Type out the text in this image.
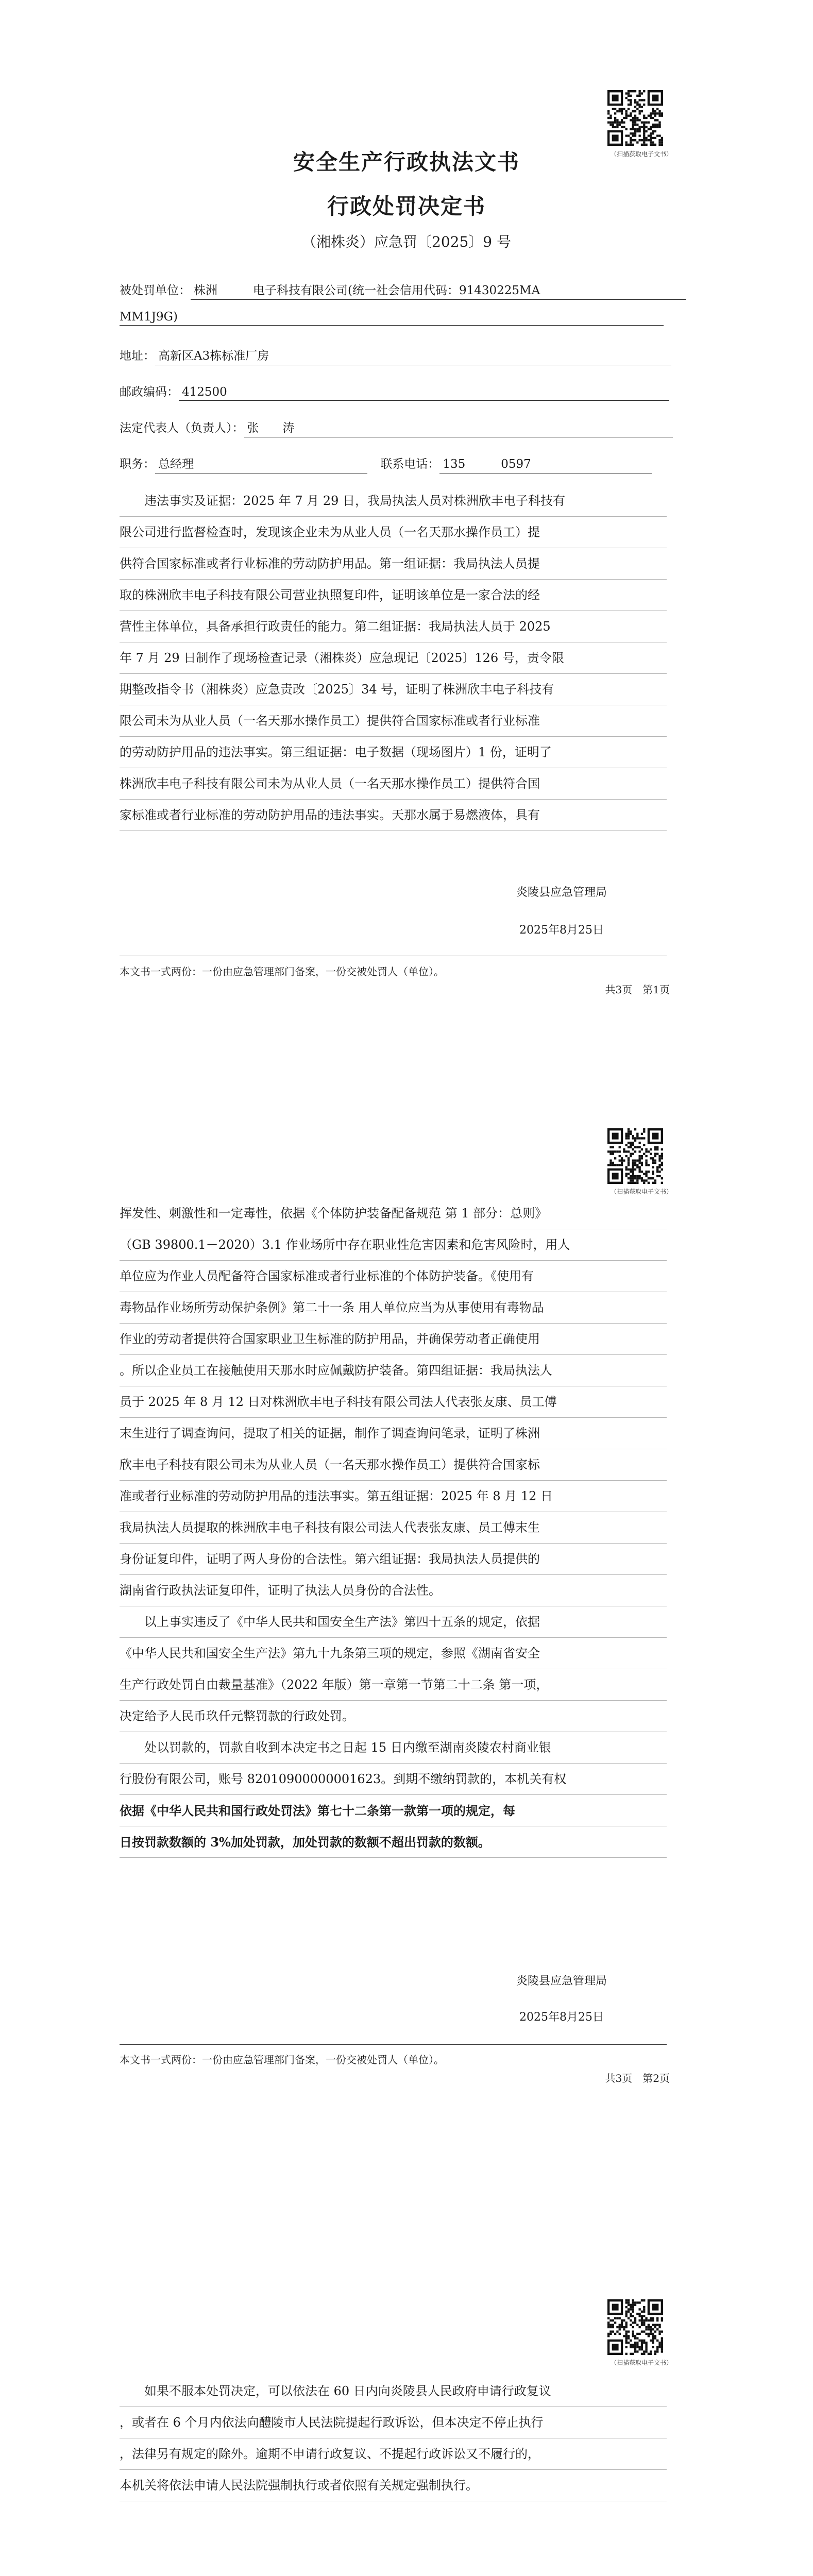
（扫描获取电子文书）
安全生产行政执法文书
行政处罚决定书
（湘株炎）应急罚〔2025〕9 号
被处罚单位： 株洲　　　电子科技有限公司(统一社会信用代码：91430225MA
MM1J9G)
地址： 高新区A3栋标准厂房
邮政编码： 412500
法定代表人（负责人）： 张　　涛
职务： 总经理	联系电话： 135　　　0597
违法事实及证据：2025 年 7 月 29 日，我局执法人员对株洲欣丰电子科技有
限公司进行监督检查时，发现该企业未为从业人员（一名天那水操作员工）提
供符合国家标准或者行业标准的劳动防护用品。第一组证据：我局执法人员提
取的株洲欣丰电子科技有限公司营业执照复印件，证明该单位是一家合法的经
营性主体单位，具备承担行政责任的能力。第二组证据：我局执法人员于 2025
年 7 月 29 日制作了现场检查记录（湘株炎）应急现记〔2025〕126 号，责令限
期整改指令书（湘株炎）应急责改〔2025〕34 号，证明了株洲欣丰电子科技有
限公司未为从业人员（一名天那水操作员工）提供符合国家标准或者行业标准
的劳动防护用品的违法事实。第三组证据：电子数据（现场图片）1 份，证明了
株洲欣丰电子科技有限公司未为从业人员（一名天那水操作员工）提供符合国
家标准或者行业标准的劳动防护用品的违法事实。天那水属于易燃液体，具有
炎陵县应急管理局
2025年8月25日
本文书一式两份：一份由应急管理部门备案，一份交被处罚人（单位）。
共3页　第1页
（扫描获取电子文书）
挥发性、刺激性和一定毒性，依据《个体防护装备配备规范 第 1 部分：总则》
（GB 39800.1－2020）3.1 作业场所中存在职业性危害因素和危害风险时，用人
单位应为作业人员配备符合国家标准或者行业标准的个体防护装备。《使用有
毒物品作业场所劳动保护条例》第二十一条 用人单位应当为从事使用有毒物品
作业的劳动者提供符合国家职业卫生标准的防护用品，并确保劳动者正确使用
。所以企业员工在接触使用天那水时应佩戴防护装备。第四组证据：我局执法人
员于 2025 年 8 月 12 日对株洲欣丰电子科技有限公司法人代表张友康、员工傅
末生进行了调查询问，提取了相关的证据，制作了调查询问笔录，证明了株洲
欣丰电子科技有限公司未为从业人员（一名天那水操作员工）提供符合国家标
准或者行业标准的劳动防护用品的违法事实。第五组证据：2025 年 8 月 12 日
我局执法人员提取的株洲欣丰电子科技有限公司法人代表张友康、员工傅末生
身份证复印件，证明了两人身份的合法性。第六组证据：我局执法人员提供的
湖南省行政执法证复印件，证明了执法人员身份的合法性。
以上事实违反了《中华人民共和国安全生产法》第四十五条的规定，依据
《中华人民共和国安全生产法》第九十九条第三项的规定，参照《湖南省安全
生产行政处罚自由裁量基准》（2022 年版）第一章第一节第二十二条 第一项，
决定给予人民币玖仟元整罚款的行政处罚。
处以罚款的，罚款自收到本决定书之日起 15 日内缴至湖南炎陵农村商业银
行股份有限公司，账号 82010900000001623。到期不缴纳罚款的，本机关有权
依据《中华人民共和国行政处罚法》第七十二条第一款第一项的规定，每
日按罚款数额的 3%加处罚款，加处罚款的数额不超出罚款的数额。
炎陵县应急管理局
2025年8月25日
本文书一式两份：一份由应急管理部门备案，一份交被处罚人（单位）。
共3页　第2页
（扫描获取电子文书）
如果不服本处罚决定，可以依法在 60 日内向炎陵县人民政府申请行政复议
，或者在 6 个月内依法向醴陵市人民法院提起行政诉讼，但本决定不停止执行
，法律另有规定的除外。逾期不申请行政复议、不提起行政诉讼又不履行的，
本机关将依法申请人民法院强制执行或者依照有关规定强制执行。
